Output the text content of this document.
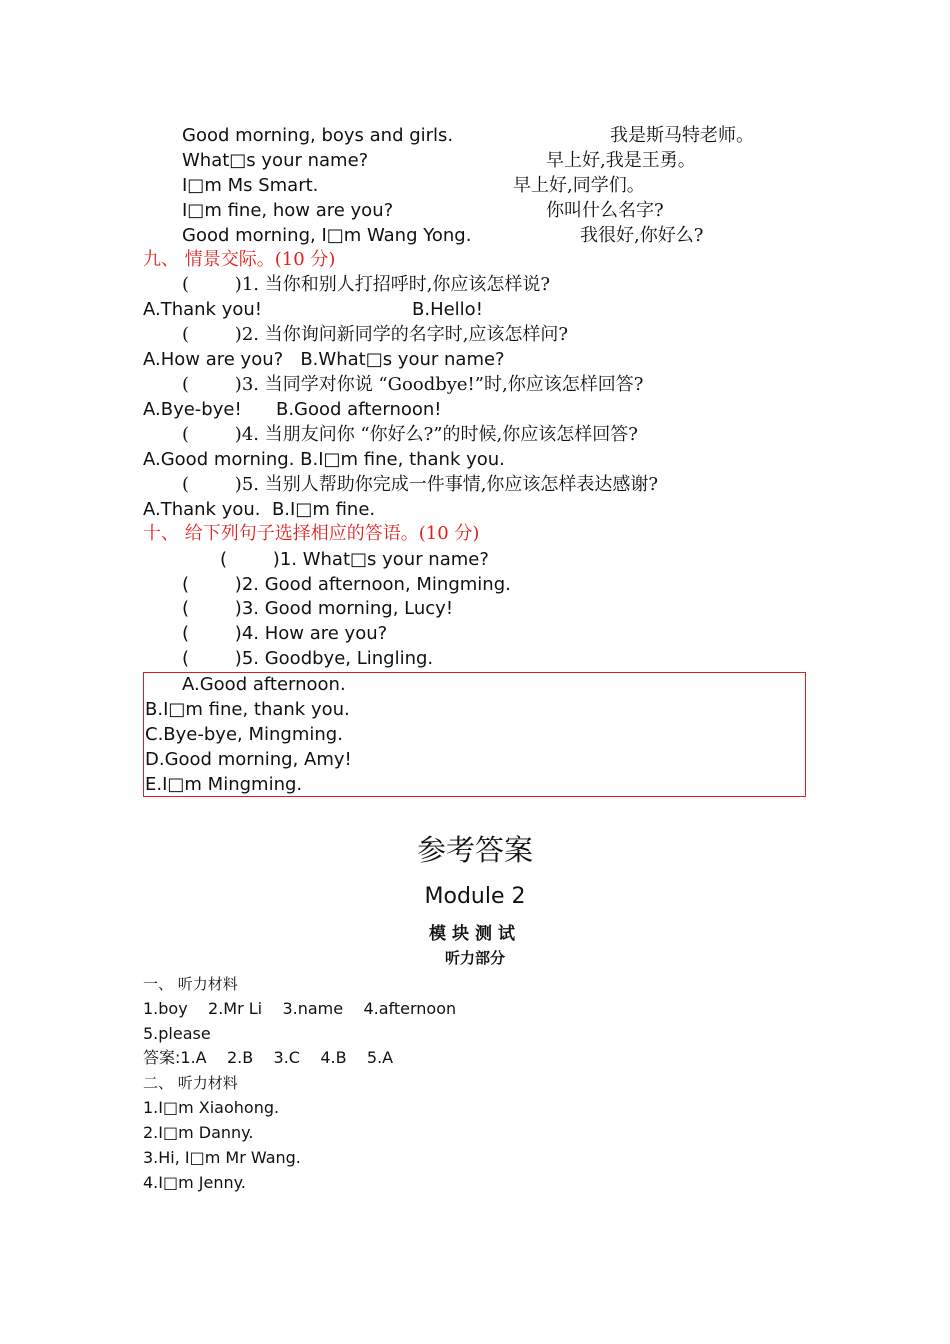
Good morning, boys and girls.
What□s your name?
I□m Ms Smart.
I□m fine, how are you?
Good morning, I□m Wang Yong.
我是斯马特老师。
早上好,我是王勇。
早上好,同学们。
你叫什么名字?
我很好,你好么?
九、 情景交际。(10 分)
(        )1. 当你和别人打招呼时,你应该怎样说?
A.Thank you!	B.Hello!
(        )2. 当你询问新同学的名字时,应该怎样问?
A.How are you?   B.What□s your name?
(        )3. 当同学对你说 “Goodbye!”时,你应该怎样回答?
A.Bye-bye!      B.Good afternoon!
(        )4. 当朋友问你 “你好么?”的时候,你应该怎样回答?
A.Good morning. B.I□m fine, thank you.
(        )5. 当别人帮助你完成一件事情,你应该怎样表达感谢?
A.Thank you.  B.I□m fine.
十、 给下列句子选择相应的答语。(10 分)
(        )1. What□s your name?
(        )2. Good afternoon, Mingming.
(        )3. Good morning, Lucy!
(        )4. How are you?
(        )5. Goodbye, Lingling.
A.Good afternoon.
B.I□m fine, thank you.
C.Bye-bye, Mingming.
D.Good morning, Amy!
E.I□m Mingming.
参考答案
Module 2
模块测试
听力部分
一、 听力材料
1.boy    2.Mr Li    3.name    4.afternoon
5.please
答案:1.A    2.B    3.C    4.B    5.A
二、 听力材料
1.I□m Xiaohong.
2.I□m Danny.
3.Hi, I□m Mr Wang.
4.I□m Jenny.
